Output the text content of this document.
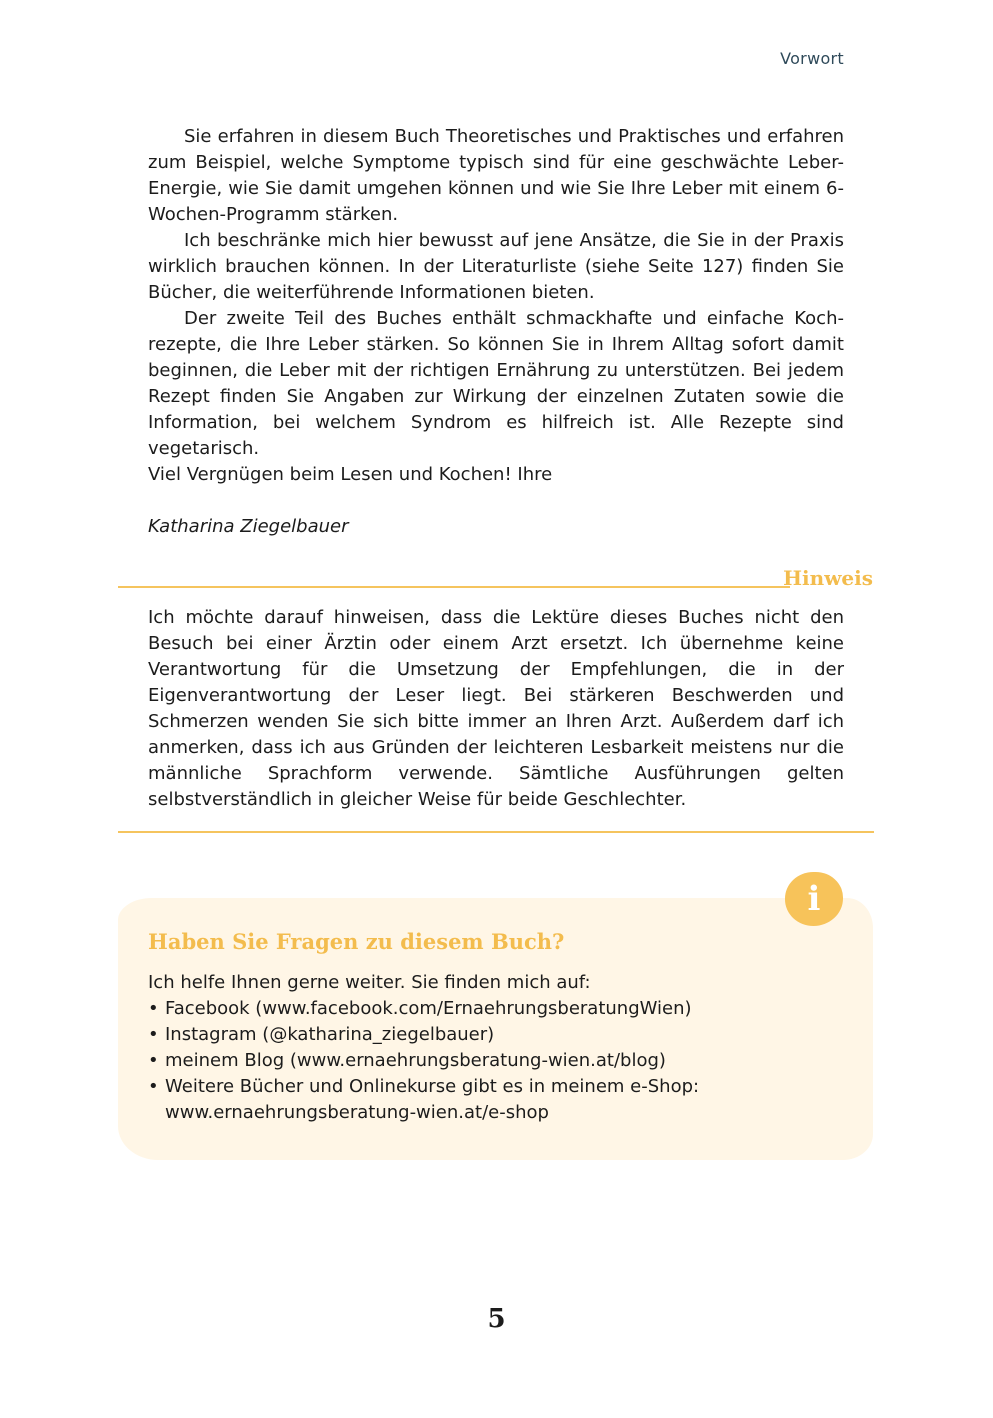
Vorwort

Sie erfahren in diesem Buch Theoretisches und Praktisches und erfahren zum Beispiel, welche Symptome typisch sind für eine geschwächte Leber-Energie, wie Sie damit umgehen können und wie Sie Ihre Leber mit einem 6-Wochen-Programm stärken.

Ich beschränke mich hier bewusst auf jene Ansätze, die Sie in der Praxis wirklich brauchen können. In der Literaturliste (siehe Seite 127) finden Sie Bücher, die weiterführende Informationen bieten.

Der zweite Teil des Buches enthält schmackhafte und einfache Kochrezepte, die Ihre Leber stärken. So können Sie in Ihrem Alltag sofort damit beginnen, die Leber mit der richtigen Ernährung zu unterstützen. Bei jedem Rezept finden Sie Angaben zur Wirkung der einzelnen Zutaten sowie die Information, bei welchem Syndrom es hilfreich ist. Alle Rezepte sind vegetarisch.

Viel Vergnügen beim Lesen und Kochen! Ihre
Katharina Ziegelbauer
Hinweis

Ich möchte darauf hinweisen, dass die Lektüre dieses Buches nicht den Besuch bei einer Ärztin oder einem Arzt ersetzt. Ich übernehme keine Verantwortung für die Umsetzung der Empfehlungen, die in der Eigenverantwortung der Leser liegt. Bei stärkeren Beschwerden und Schmerzen wenden Sie sich bitte immer an Ihren Arzt. Außerdem darf ich anmerken, dass ich aus Gründen der leichteren Lesbarkeit meistens nur die männliche Sprachform verwende. Sämtliche Ausführungen gelten selbstverständlich in gleicher Weise für beide Geschlechter.

i
Haben Sie Fragen zu diesem Buch?
Ich helfe Ihnen gerne weiter. Sie finden mich auf:
• Facebook (www.facebook.com/ErnaehrungsberatungWien)
• Instagram (@katharina_ziegelbauer)
• meinem Blog (www.ernaehrungsberatung-wien.at/blog)
• Weitere Bücher und Onlinekurse gibt es in meinem e-Shop: www.ernaehrungsberatung-wien.at/e-shop
5
